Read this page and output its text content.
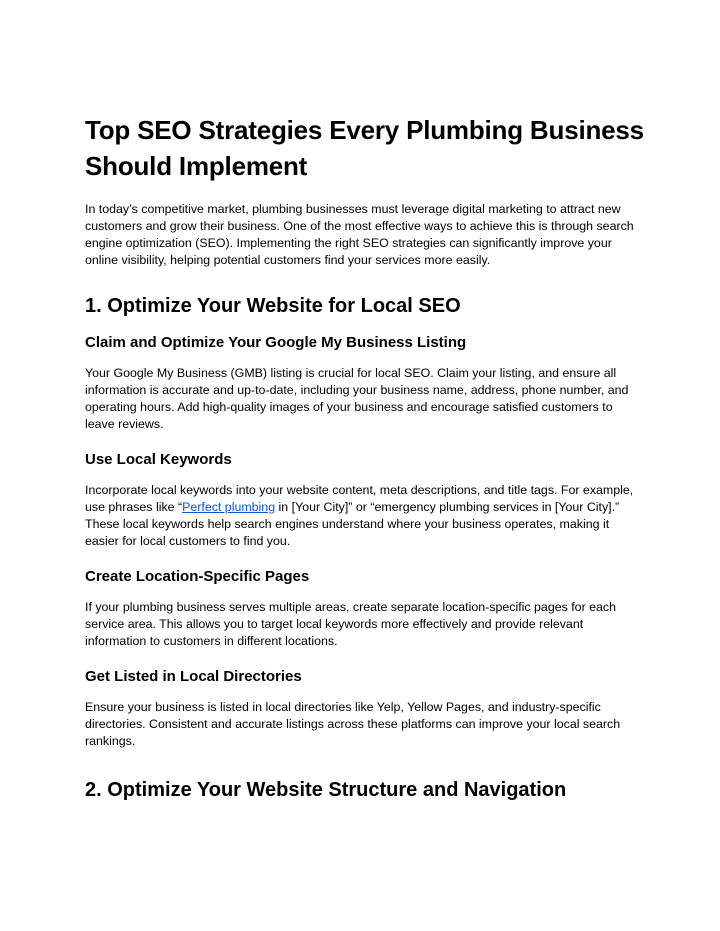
Top SEO Strategies Every Plumbing Business Should Implement

In today’s competitive market, plumbing businesses must leverage digital marketing to attract new customers and grow their business. One of the most effective ways to achieve this is through search engine optimization (SEO). Implementing the right SEO strategies can significantly improve your online visibility, helping potential customers find your services more easily.

1. Optimize Your Website for Local SEO
Claim and Optimize Your Google My Business Listing

Your Google My Business (GMB) listing is crucial for local SEO. Claim your listing, and ensure all information is accurate and up-to-date, including your business name, address, phone number, and operating hours. Add high-quality images of your business and encourage satisfied customers to leave reviews.

Use Local Keywords

Incorporate local keywords into your website content, meta descriptions, and title tags. For example, use phrases like “Perfect plumbing in [Your City]” or “emergency plumbing services in [Your City].” These local keywords help search engines understand where your business operates, making it easier for local customers to find you.

Create Location-Specific Pages

If your plumbing business serves multiple areas, create separate location-specific pages for each service area. This allows you to target local keywords more effectively and provide relevant information to customers in different locations.

Get Listed in Local Directories

Ensure your business is listed in local directories like Yelp, Yellow Pages, and industry-specific directories. Consistent and accurate listings across these platforms can improve your local search rankings.

2. Optimize Your Website Structure and Navigation
